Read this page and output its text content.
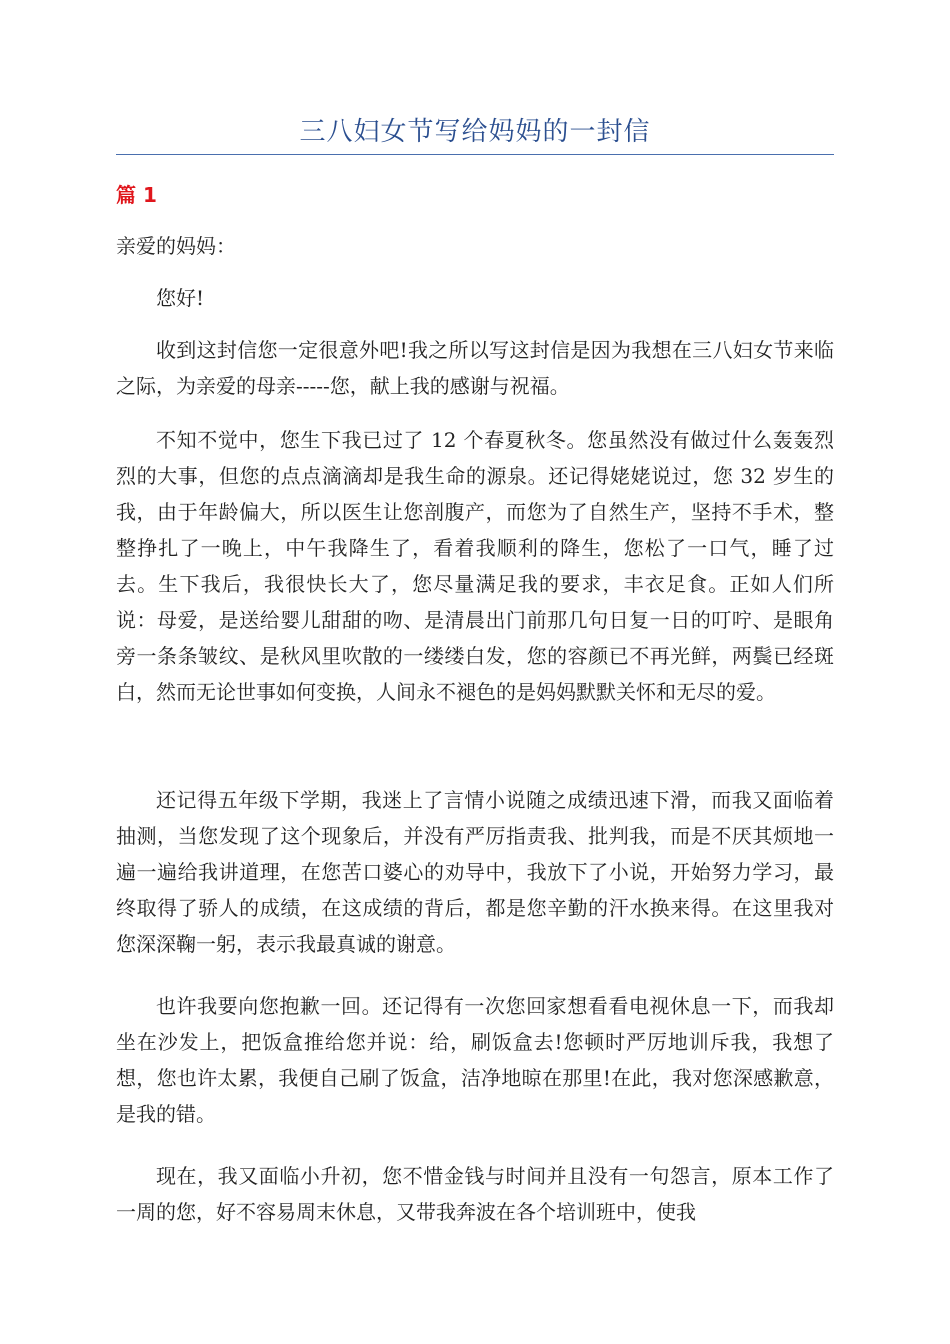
三八妇女节写给妈妈的一封信
篇 1

亲爱的妈妈：

您好!

收到这封信您一定很意外吧!我之所以写这封信是因为我想在三八妇女节来临之际，为亲爱的母亲-----您，献上我的感谢与祝福。

不知不觉中，您生下我已过了 12 个春夏秋冬。您虽然没有做过什么轰轰烈烈的大事，但您的点点滴滴却是我生命的源泉。还记得姥姥说过，您 32 岁生的我，由于年龄偏大，所以医生让您剖腹产，而您为了自然生产，坚持不手术，整整挣扎了一晚上，中午我降生了，看着我顺利的降生，您松了一口气，睡了过去。生下我后，我很快长大了，您尽量满足我的要求，丰衣足食。正如人们所说：母爱，是送给婴儿甜甜的吻、是清晨出门前那几句日复一日的叮咛、是眼角旁一条条皱纹、是秋风里吹散的一缕缕白发，您的容颜已不再光鲜，两鬓已经斑白，然而无论世事如何变换，人间永不褪色的是妈妈默默关怀和无尽的爱。

还记得五年级下学期，我迷上了言情小说随之成绩迅速下滑，而我又面临着抽测，当您发现了这个现象后，并没有严厉指责我、批判我，而是不厌其烦地一遍一遍给我讲道理，在您苦口婆心的劝导中，我放下了小说，开始努力学习，最终取得了骄人的成绩，在这成绩的背后，都是您辛勤的汗水换来得。在这里我对您深深鞠一躬，表示我最真诚的谢意。

也许我要向您抱歉一回。还记得有一次您回家想看看电视休息一下，而我却坐在沙发上，把饭盒推给您并说：给，刷饭盒去!您顿时严厉地训斥我，我想了想，您也许太累，我便自己刷了饭盒，洁净地晾在那里!在此，我对您深感歉意，是我的错。

现在，我又面临小升初，您不惜金钱与时间并且没有一句怨言，原本工作了一周的您，好不容易周末休息，又带我奔波在各个培训班中，使我
